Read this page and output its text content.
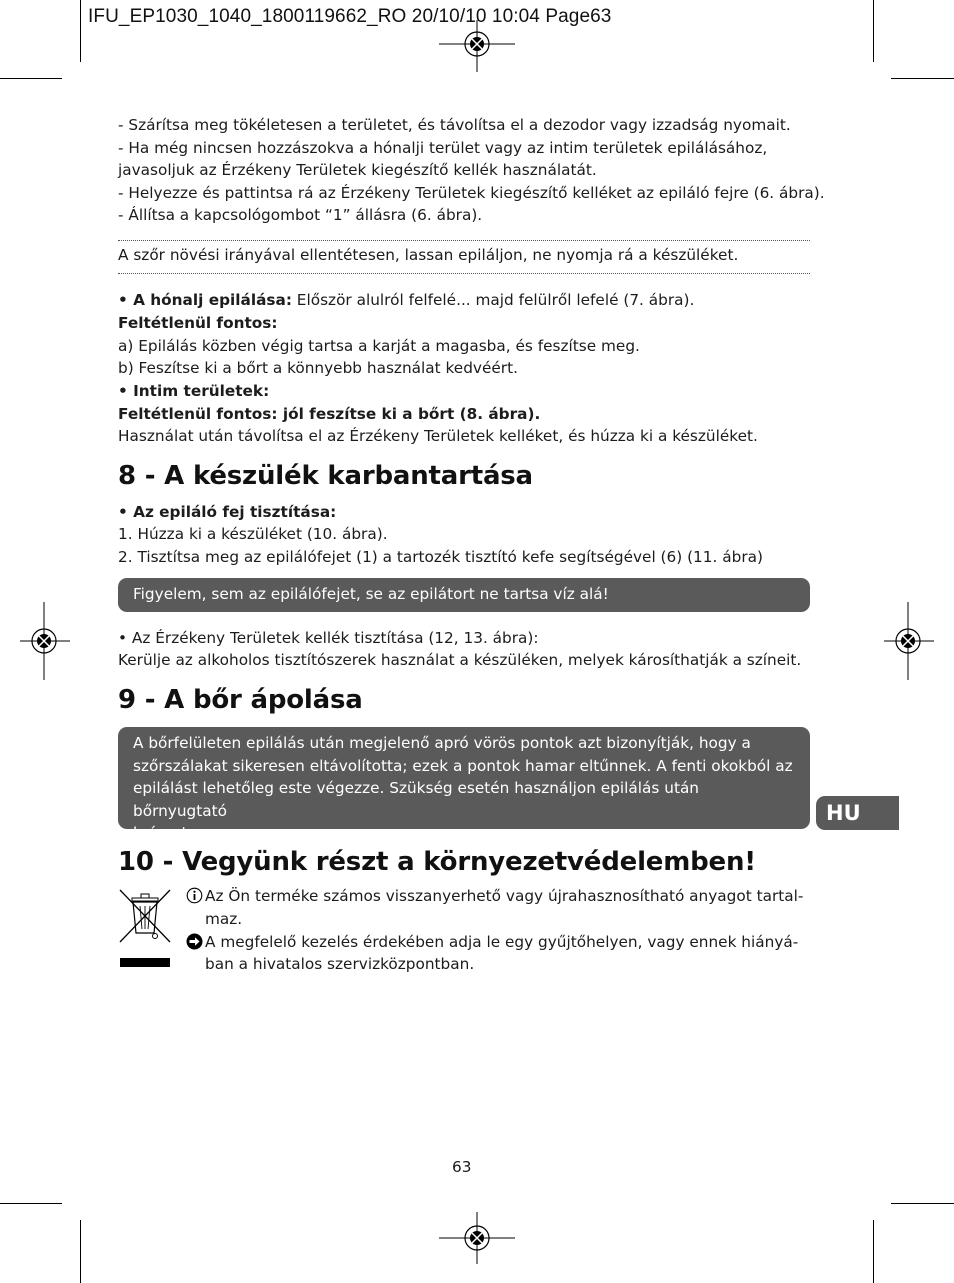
IFU_EP1030_1040_1800119662_RO 20/10/10 10:04 Page63
- Szárítsa meg tökéletesen a területet, és távolítsa el a dezodor vagy izzadság nyomait.
- Ha még nincsen hozzászokva a hónalji terület vagy az intim területek epilálásához,
javasoljuk az Érzékeny Területek kiegészítő kellék használatát.
- Helyezze és pattintsa rá az Érzékeny Területek kiegészítő kelléket az epiláló fejre (6. ábra).
- Állítsa a kapcsológombot “1” állásra (6. ábra).
A szőr növési irányával ellentétesen, lassan epiláljon, ne nyomja rá a készüléket.
• A hónalj epilálása: Először alulról felfelé... majd felülről lefelé (7. ábra).
Feltétlenül fontos:
a) Epilálás közben végig tartsa a karját a magasba, és feszítse meg.
b) Feszítse ki a bőrt a könnyebb használat kedvéért.
• Intim területek:
Feltétlenül fontos: jól feszítse ki a bőrt (8. ábra).
Használat után távolítsa el az Érzékeny Területek kelléket, és húzza ki a készüléket.
8 - A készülék karbantartása
• Az epiláló fej tisztítása:
1. Húzza ki a készüléket (10. ábra).
2. Tisztítsa meg az epilálófejet (1) a tartozék tisztító kefe segítségével (6) (11. ábra)
Figyelem, sem az epilálófejet, se az epilátort ne tartsa víz alá!
• Az Érzékeny Területek kellék tisztítása (12, 13. ábra):
Kerülje az alkoholos tisztítószerek használat a készüléken, melyek károsíthatják a színeit.
9 - A bőr ápolása
A bőrfelületen epilálás után megjelenő apró vörös pontok azt bizonyítják, hogy a
szőrszálakat sikeresen eltávolította; ezek a pontok hamar eltűnnek. A fenti okokból az
epilálást lehetőleg este végezze. Szükség esetén használjon epilálás után bőrnyugtató
krémet.
HU
10 - Vegyünk részt a környezetvédelemben!
Az Ön terméke számos visszanyerhető vagy újrahasznosítható anyagot tartal-
maz.
A megfelelő kezelés érdekében adja le egy gyűjtőhelyen, vagy ennek hiányá-
ban a hivatalos szervizközpontban.
63
